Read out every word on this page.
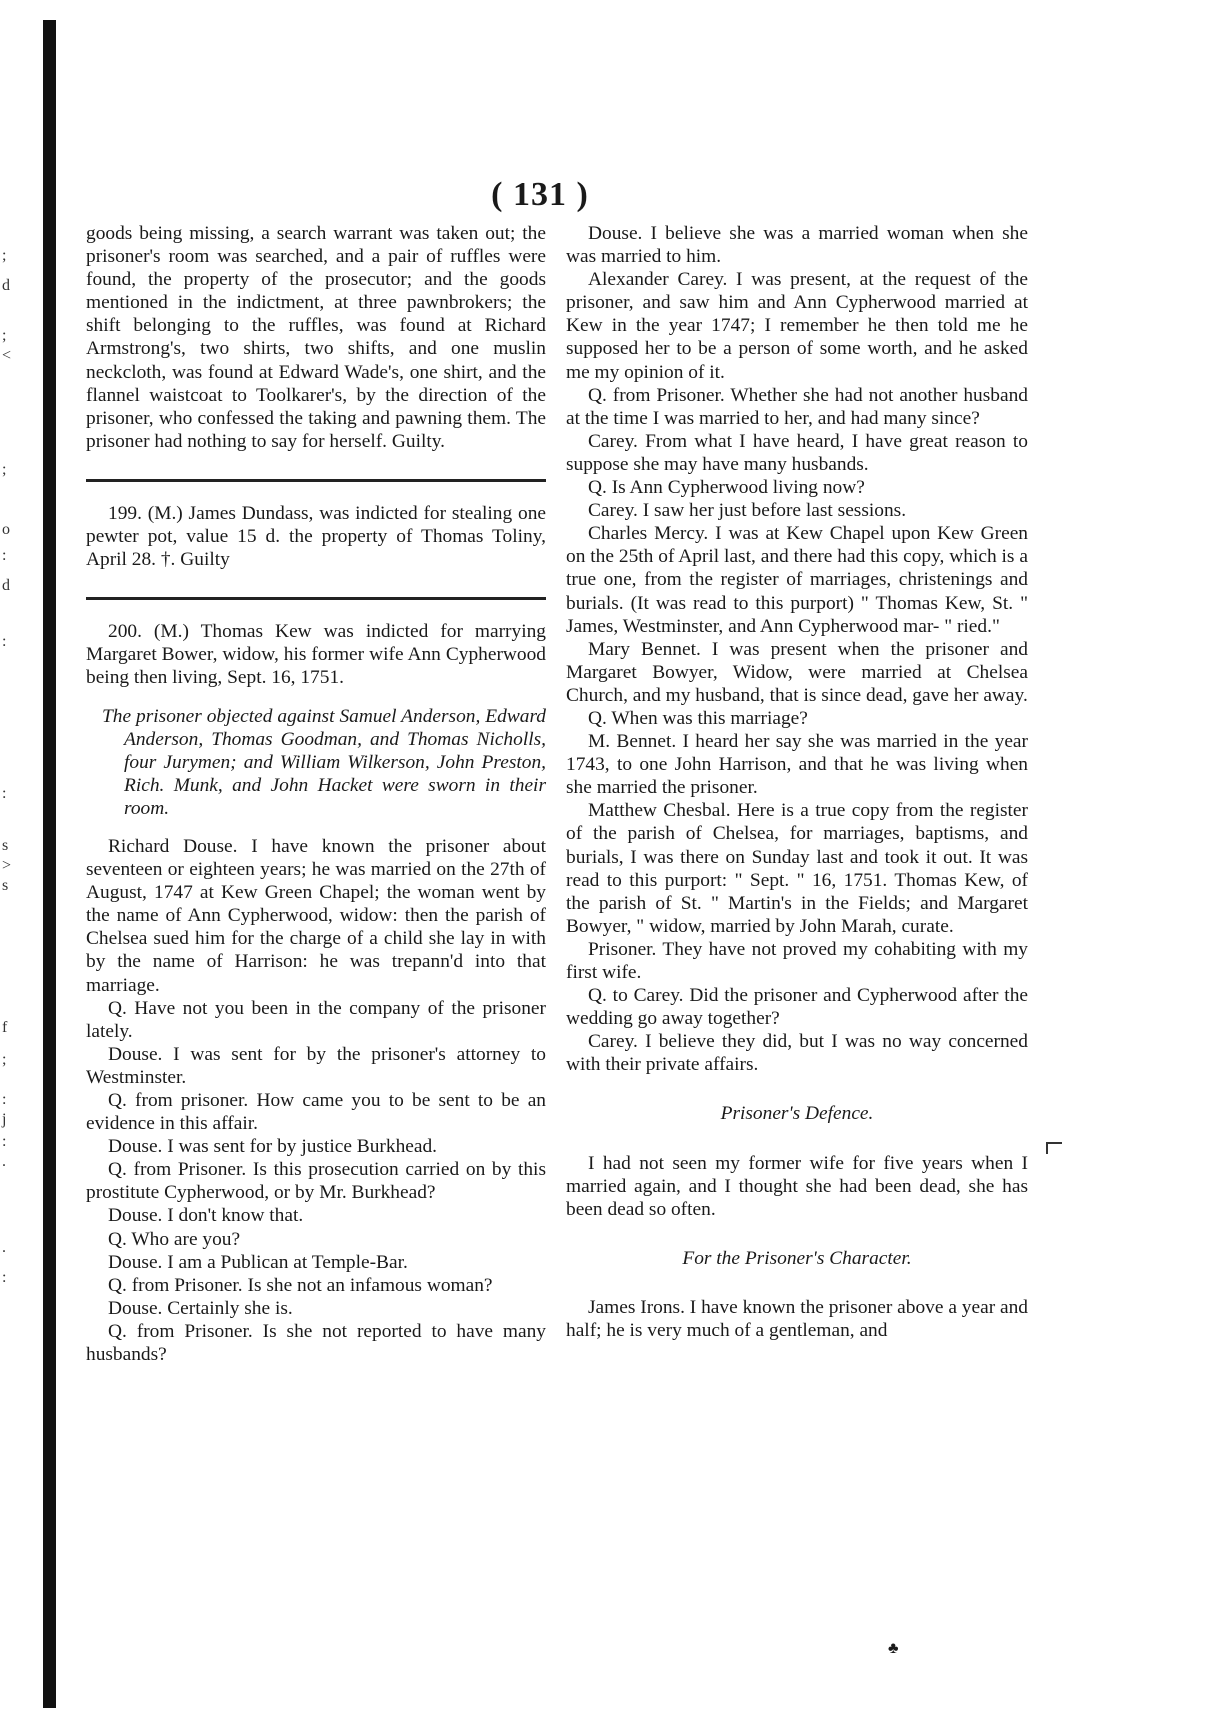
;
d
;
<
;
o
:
d
:
:
s
>
s
f
;
:
j
:
.
.
:
( 131 )

goods being missing, a search warrant was taken out; the prisoner's room was searched, and a pair of ruffles were found, the property of the prosecutor; and the goods mentioned in the indictment, at three pawnbrokers; the shift belonging to the ruffles, was found at Richard Armstrong's, two shirts, two shifts, and one muslin neckcloth, was found at Edward Wade's, one shirt, and the flannel waistcoat to Toolkarer's, by the direction of the prisoner, who confessed the taking and pawning them. The prisoner had nothing to say for herself. Guilty.

199. (M.) James Dundass, was indicted for stealing one pewter pot, value 15 d. the property of Thomas Toliny, April 28. †. Guilty

200. (M.) Thomas Kew was indicted for marrying Margaret Bower, widow, his former wife Ann Cypherwood being then living, Sept. 16, 1751.

The prisoner objected against Samuel Anderson, Edward Anderson, Thomas Goodman, and Thomas Nicholls, four Jurymen; and William Wilkerson, John Preston, Rich. Munk, and John Hacket were sworn in their room.

Richard Douse. I have known the prisoner about seventeen or eighteen years; he was married on the 27th of August, 1747 at Kew Green Chapel; the woman went by the name of Ann Cypherwood, widow: then the parish of Chelsea sued him for the charge of a child she lay in with by the name of Harrison: he was trepann'd into that marriage.

Q. Have not you been in the company of the prisoner lately.

Douse. I was sent for by the prisoner's attorney to Westminster.

Q. from prisoner. How came you to be sent to be an evidence in this affair.

Douse. I was sent for by justice Burkhead.

Q. from Prisoner. Is this prosecution carried on by this prostitute Cypherwood, or by Mr. Burkhead?

Douse. I don't know that.

Q. Who are you?

Douse. I am a Publican at Temple-Bar.

Q. from Prisoner. Is she not an infamous woman?

Douse. Certainly she is.

Q. from Prisoner. Is she not reported to have many husbands?

Douse. I believe she was a married woman when she was married to him.

Alexander Carey. I was present, at the request of the prisoner, and saw him and Ann Cypherwood married at Kew in the year 1747; I remember he then told me he supposed her to be a person of some worth, and he asked me my opinion of it.

Q. from Prisoner. Whether she had not another husband at the time I was married to her, and had many since?

Carey. From what I have heard, I have great reason to suppose she may have many husbands.

Q. Is Ann Cypherwood living now?

Carey. I saw her just before last sessions.

Charles Mercy. I was at Kew Chapel upon Kew Green on the 25th of April last, and there had this copy, which is a true one, from the register of marriages, christenings and burials. (It was read to this purport) " Thomas Kew, St. " James, Westminster, and Ann Cypherwood mar- " ried."

Mary Bennet. I was present when the prisoner and Margaret Bowyer, Widow, were married at Chelsea Church, and my husband, that is since dead, gave her away.

Q. When was this marriage?

M. Bennet. I heard her say she was married in the year 1743, to one John Harrison, and that he was living when she married the prisoner.

Matthew Chesbal. Here is a true copy from the register of the parish of Chelsea, for marriages, baptisms, and burials, I was there on Sunday last and took it out. It was read to this purport: " Sept. " 16, 1751. Thomas Kew, of the parish of St. " Martin's in the Fields; and Margaret Bowyer, " widow, married by John Marah, curate.

Prisoner. They have not proved my cohabiting with my first wife.

Q. to Carey. Did the prisoner and Cypherwood after the wedding go away together?

Carey. I believe they did, but I was no way concerned with their private affairs.

Prisoner's Defence.

I had not seen my former wife for five years when I married again, and I thought she had been dead, she has been dead so often.

For the Prisoner's Character.

James Irons. I have known the prisoner above a year and half; he is very much of a gentleman, and

♣
